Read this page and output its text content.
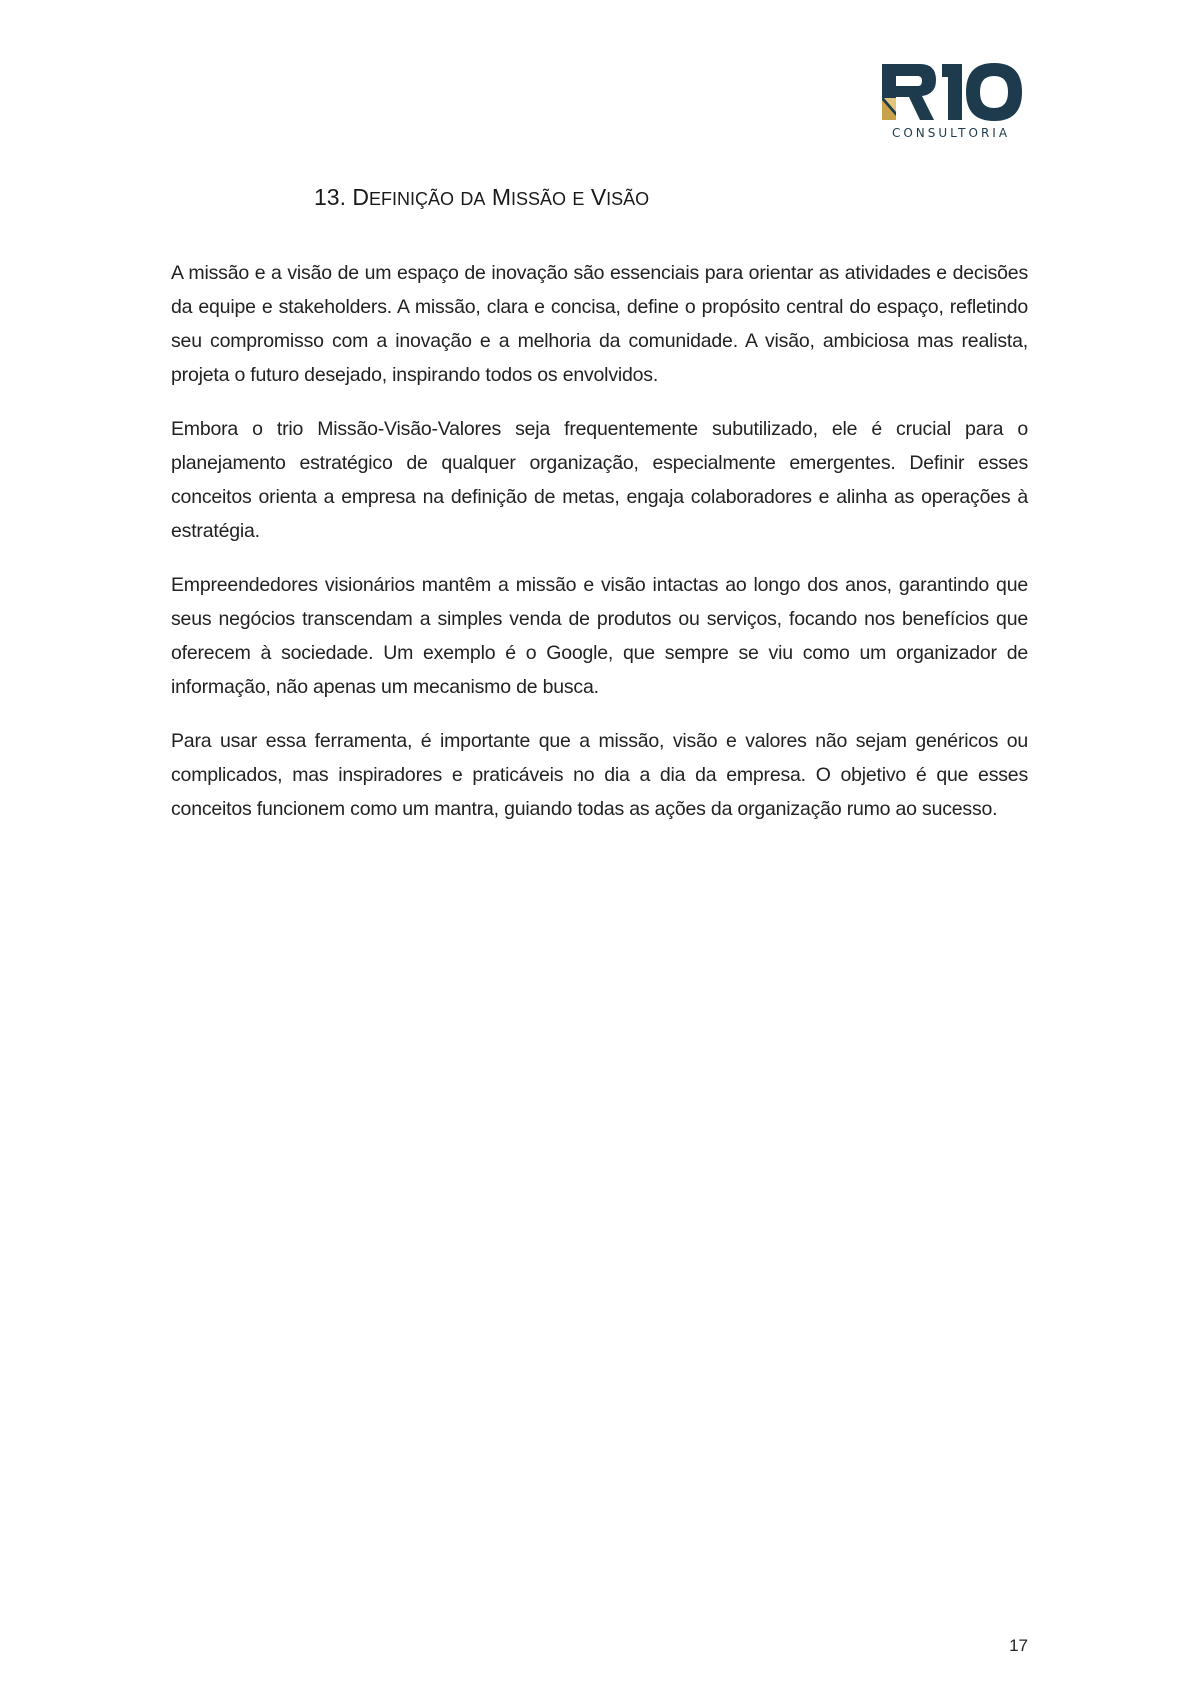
CONSULTORIA
13. DEFINIÇÃO DA MISSÃO E VISÃO

A missão e a visão de um espaço de inovação são essenciais para orientar as atividades e decisões da equipe e stakeholders. A missão, clara e concisa, define o propósito central do espaço, refletindo seu compromisso com a inovação e a melhoria da comunidade. A visão, ambiciosa mas realista, projeta o futuro desejado, inspirando todos os envolvidos.

Embora o trio Missão-Visão-Valores seja frequentemente subutilizado, ele é crucial para o planejamento estratégico de qualquer organização, especialmente emergentes. Definir esses conceitos orienta a empresa na definição de metas, engaja colaboradores e alinha as operações à estratégia.

Empreendedores visionários mantêm a missão e visão intactas ao longo dos anos, garantindo que seus negócios transcendam a simples venda de produtos ou serviços, focando nos benefícios que oferecem à sociedade. Um exemplo é o Google, que sempre se viu como um organizador de informação, não apenas um mecanismo de busca.

Para usar essa ferramenta, é importante que a missão, visão e valores não sejam genéricos ou complicados, mas inspiradores e praticáveis no dia a dia da empresa. O objetivo é que esses conceitos funcionem como um mantra, guiando todas as ações da organização rumo ao sucesso.

17
